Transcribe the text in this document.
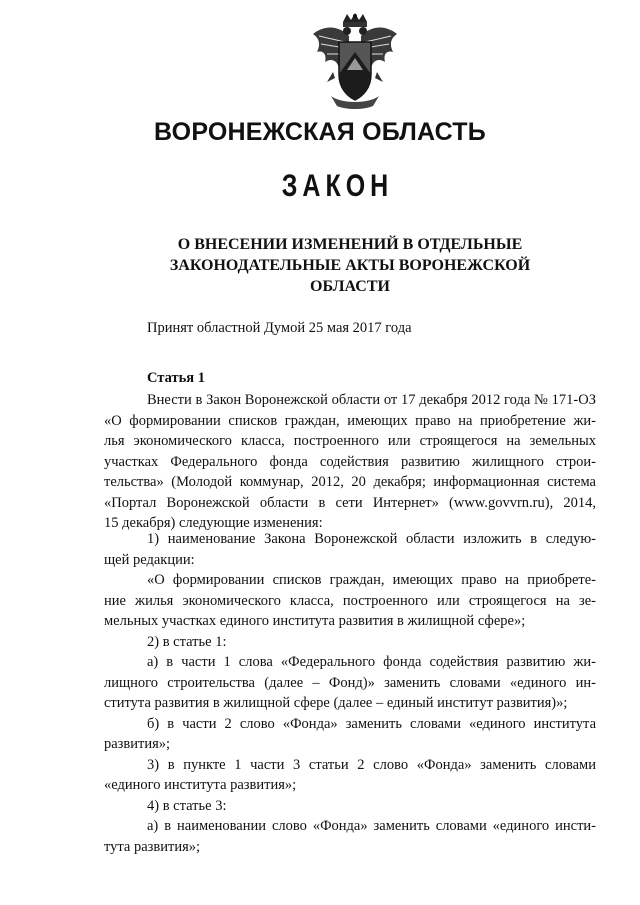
ВОРОНЕЖСКАЯ ОБЛАСТЬ
ЗАКОН
О ВНЕСЕНИИ ИЗМЕНЕНИЙ В ОТДЕЛЬНЫЕ
ЗАКОНОДАТЕЛЬНЫЕ АКТЫ ВОРОНЕЖСКОЙ
ОБЛАСТИ

Принят областной Думой 25 мая 2017 года

Статья 1

Внести в Закон Воронежской области от 17 декабря 2012 года № 171-ОЗ
«О формировании списков граждан, имеющих право на приобретение жи-
лья экономического класса, построенного или строящегося на земельных
участках Федерального фонда содействия развитию жилищного строи-
тельства» (Молодой коммунар, 2012, 20 декабря; информационная система
«Портал Воронежской области в сети Интернет» (www.govvrn.ru), 2014,
15 декабря) следующие изменения:
1) наименование Закона Воронежской области изложить в следую-
щей редакции:
«О формировании списков граждан, имеющих право на приобрете-
ние жилья экономического класса, построенного или строящегося на зе-
мельных участках единого института развития в жилищной сфере»;
2) в статье 1:
а) в части 1 слова «Федерального фонда содействия развитию жи-
лищного строительства (далее – Фонд)» заменить словами «единого ин-
ститута развития в жилищной сфере (далее – единый институт развития)»;
б) в части 2 слово «Фонда» заменить словами «единого института
развития»;
3) в пункте 1 части 3 статьи 2 слово «Фонда» заменить словами
«единого института развития»;
4) в статье 3:
а) в наименовании слово «Фонда» заменить словами «единого инсти-
тута развития»;
